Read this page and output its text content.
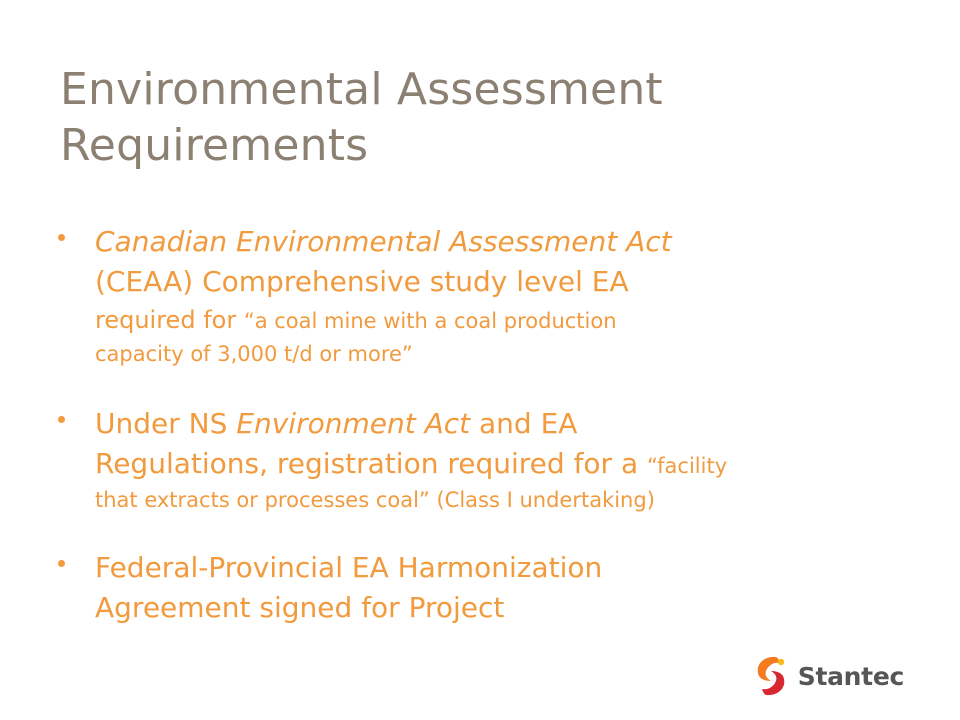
Environmental Assessment
Requirements
Canadian Environmental Assessment Act
(CEAA) Comprehensive study level EA
required for “a coal mine with a coal production
capacity of 3,000 t/d or more”
Under NS Environment Act and EA
Regulations, registration required for a “facility
that extracts or processes coal” (Class I undertaking)
Federal-Provincial EA Harmonization
Agreement signed for Project
Stantec
